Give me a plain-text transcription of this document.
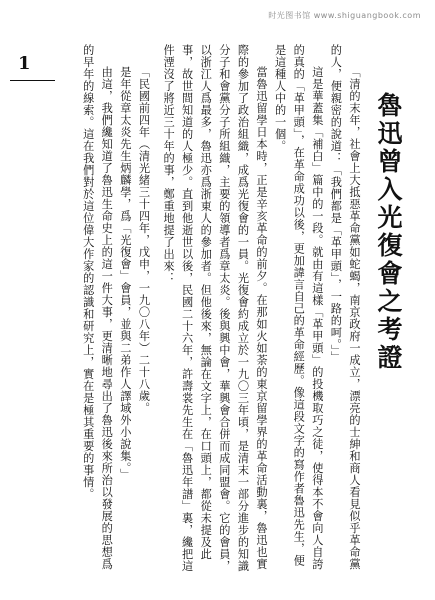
时光图书馆 www.shiguangbook.com
1
魯迅曾入光復會之考證

「清的末年，社會上大抵惡革命黨如蛇蝎，南京政府一成立，漂亮的士紳和商人看見似乎革命黨的人，便親密的說道：「我們都是「革甲頭」，一路的呵。」」

這是華蓋集「補白」篇中的一段。就由有這樣「革甲頭」的投機取巧之徒，使得本不會向人自誇的真的「革甲頭」，在革命成功以後，更加諱言自己的革命經歷。像這段文字的寫作者魯迅先生，便是這種人中的一個。

當魯迅留學日本時，正是辛亥革命的前夕。在那如火如荼的東京留學界的革命活動裏，魯迅也實際的參加了政治組織，成爲光復會的一員。光復會約成立於一九〇三年頃，是清末一部分進步的知識分子和會黨分子所組織，主要的領導者爲章太炎。後與興中會，華興會合併而成同盟會。它的會員，以浙江人爲最多，魯迅亦爲浙東人的參加者。但他後來，無論在文字上，在口頭上，都從未提及此事，故世間知道的人極少。直到他逝世以後，民國二十六年，許壽裳先生在「魯迅年譜」裏，纔把這件湮沒了將近三十年的事，鄭重地提了出來：

「民國前四年（清光緒三十四年，戊申，一九〇八年）二十八歲。

是年從章太炎先生炳麟學，爲「光復會」會員，並與二弟作人譯域外小說集。」

由這，我們纔知道了魯迅生命史上的這一件大事，更清晰地尋出了魯迅後來所治以發展的思想爲的早年的線索。這在我們對於這位偉大作家的認識和研究上，實在是極其重要的事情。
